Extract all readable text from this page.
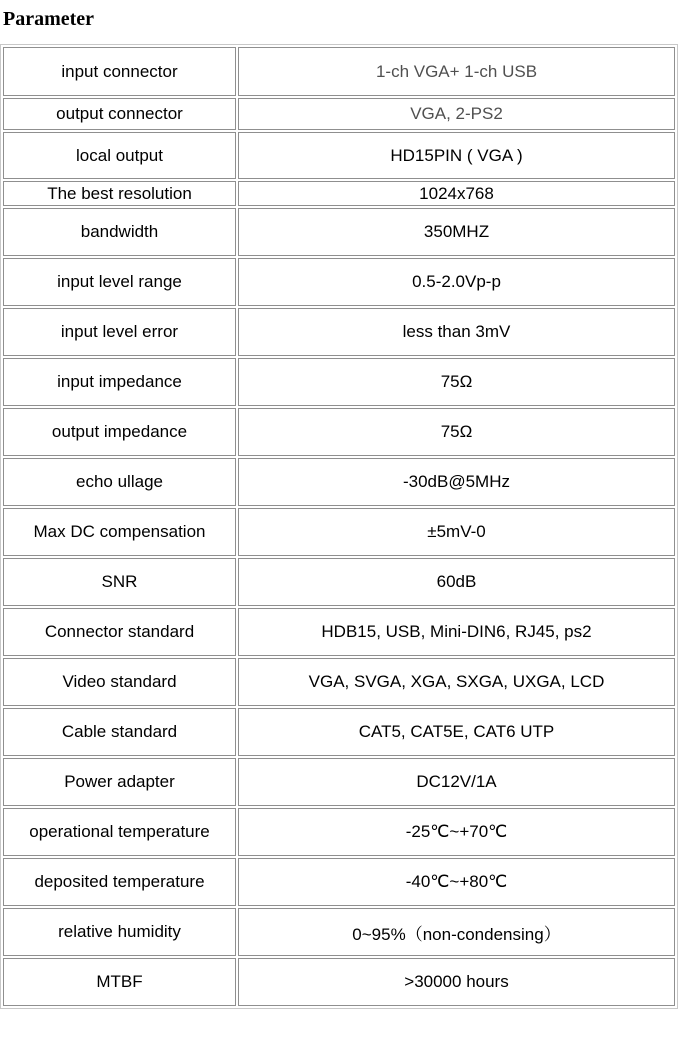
Parameter
input connector	1-ch VGA+ 1-ch USB
output connector	VGA, 2-PS2
local output	HD15PIN ( VGA )
The best resolution	1024x768
bandwidth	350MHZ
input level range	0.5-2.0Vp-p
input level error	less than 3mV
input impedance	75Ω
output impedance	75Ω
echo ullage	-30dB@5MHz
Max DC compensation	±5mV-0
SNR	60dB
Connector standard	HDB15, USB, Mini-DIN6, RJ45, ps2
Video standard	VGA, SVGA, XGA, SXGA, UXGA, LCD
Cable standard	CAT5, CAT5E, CAT6 UTP
Power adapter	DC12V/1A
operational temperature	-25℃~+70℃
deposited temperature	-40℃~+80℃
relative humidity	0~95%（non-condensing）
MTBF	>30000 hours
